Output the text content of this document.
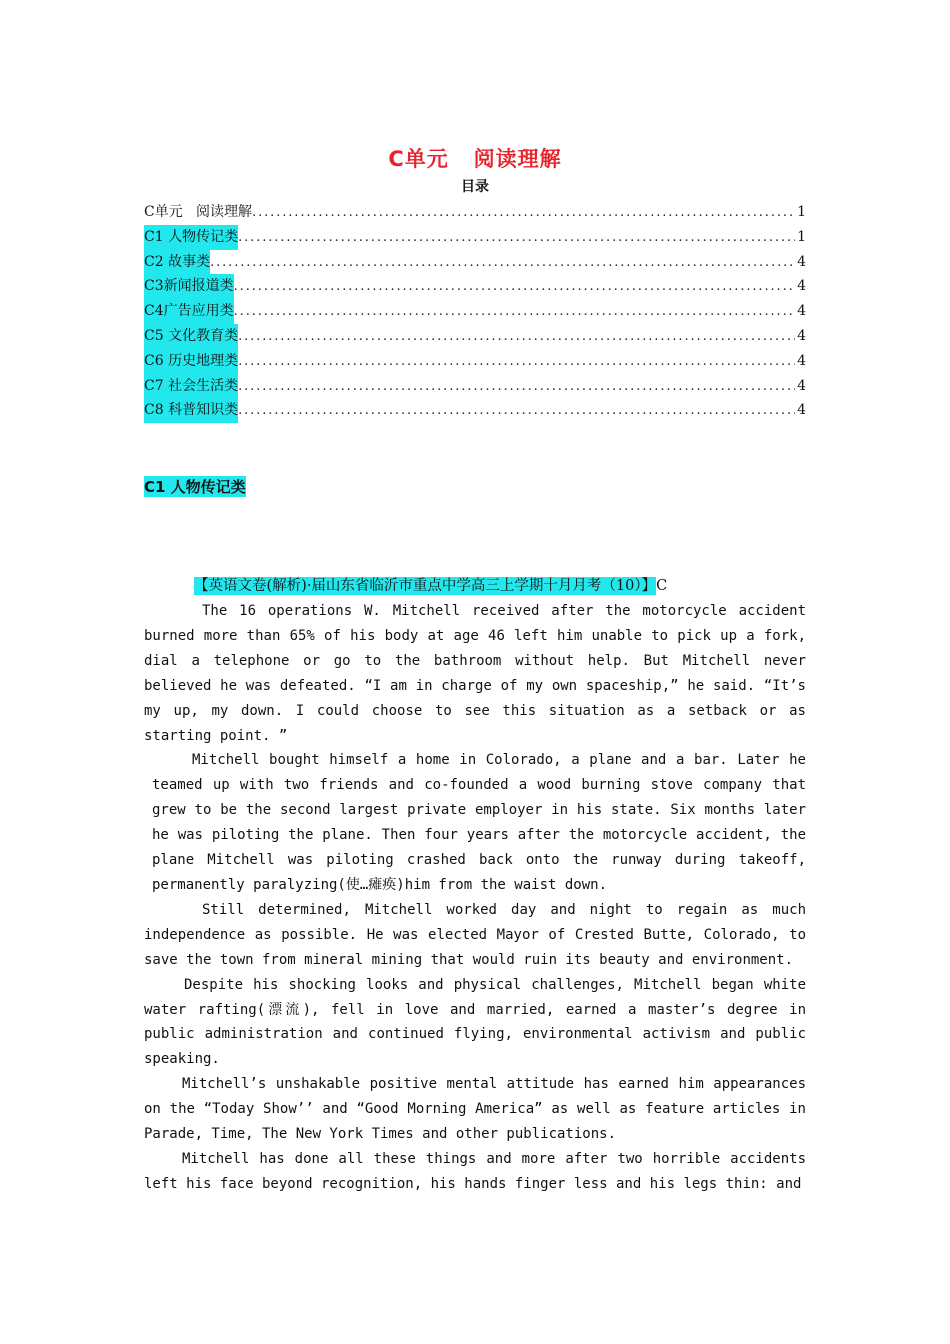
C单元   阅读理解
目录
C单元   阅读理解 .....	1
C1 人物传记类 .....	1
C2 故事类 .....	4
C3新闻报道类 .....	4
C4广告应用类 .....	4
C5 文化教育类 .....	4
C6 历史地理类 .....	4
C7 社会生活类 .....	4
C8 科普知识类 .....	4
C1 人物传记类
【英语文卷(解析)·届山东省临沂市重点中学高三上学期十月月考（10）】C

The 16 operations W. Mitchell received after the motorcycle accident burned more than 65% of his body at age 46 left him unable to pick up a fork, dial a telephone or go to the bathroom without help. But Mitchell never believed he was defeated. “I am in charge of my own spaceship,” he said. “It’s my up, my down. I could choose to see this situation as a setback or as starting point. ”

Mitchell bought himself a home in Colorado, a plane and a bar. Later he teamed up with two friends and co-founded a wood burning stove company that grew to be the second largest private employer in his state. Six months later he was piloting the plane. Then four years after the motorcycle accident, the plane Mitchell was piloting crashed back onto the runway during takeoff, permanently paralyzing(使…瘫痪)him from the waist down.

Still determined, Mitchell worked day and night to regain as much independence as possible. He was elected Mayor of Crested Butte, Colorado, to save the town from mineral mining that would ruin its beauty and environment.

Despite his shocking looks and physical challenges, Mitchell began white water rafting(漂流), fell in love and married, earned a master’s degree in public administration and continued flying, environmental activism and public speaking.

Mitchell’s unshakable positive mental attitude has earned him appearances on the “Today Show’’ and “Good Morning America” as well as feature articles in Parade, Time, The New York Times and other publications.

Mitchell has done all these things and more after two horrible accidents left his face beyond recognition, his hands finger less and his legs thin: and
